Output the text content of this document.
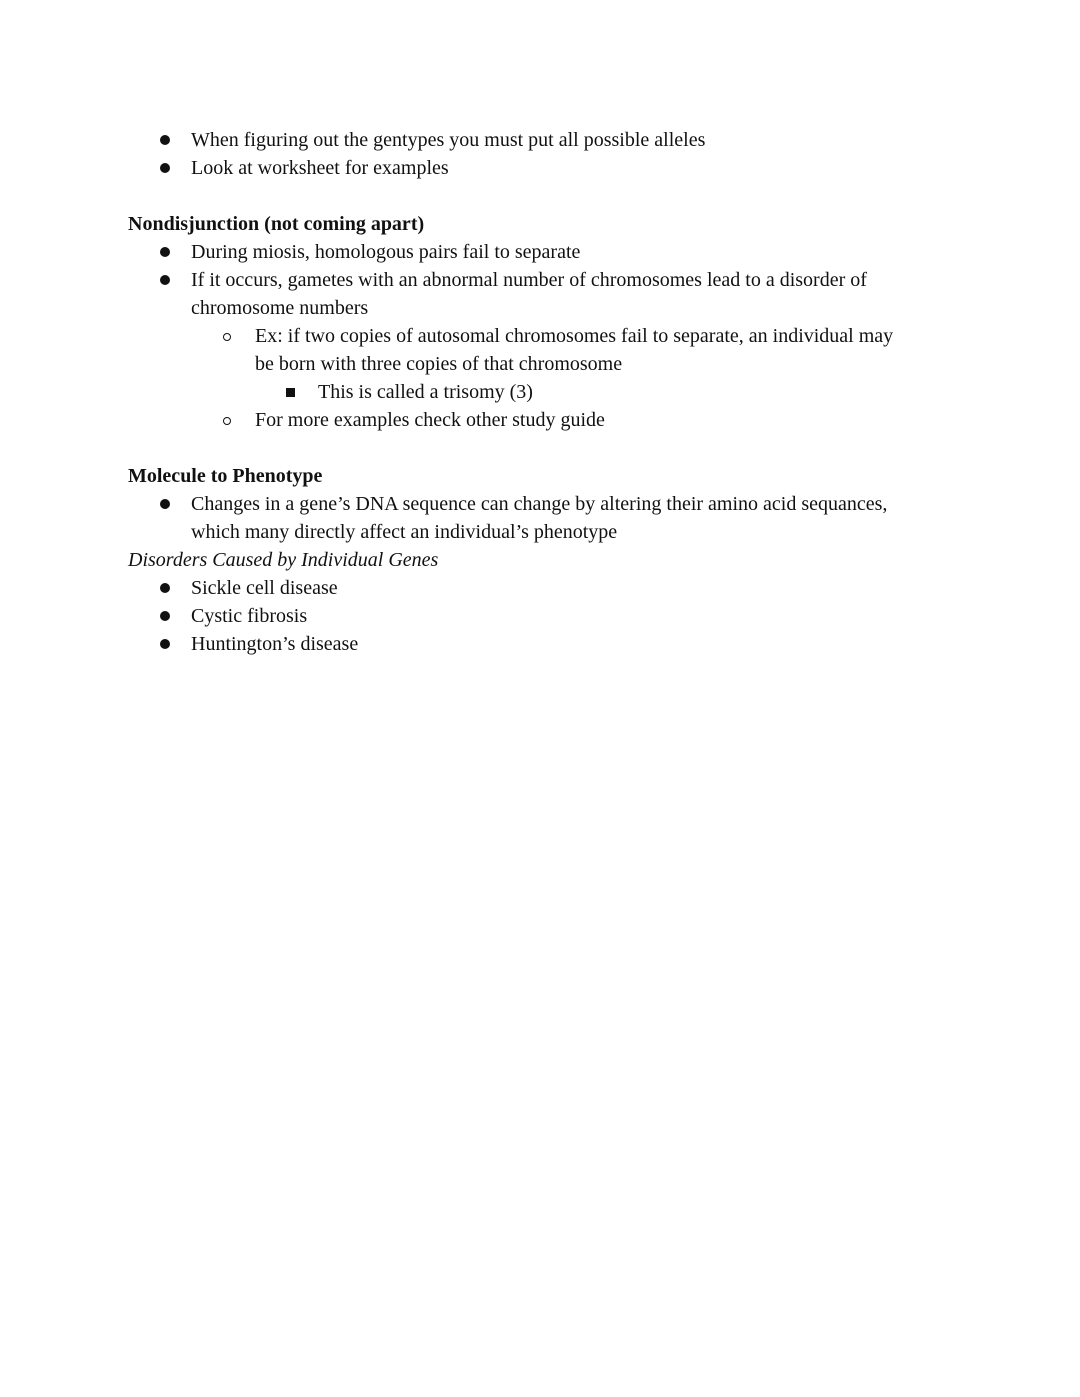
When figuring out the gentypes you must put all possible alleles
Look at worksheet for examples
Nondisjunction (not coming apart)
During miosis, homologous pairs fail to separate
If it occurs, gametes with an abnormal number of chromosomes lead to a disorder of
chromosome numbers
Ex: if two copies of autosomal chromosomes fail to separate, an individual may
be born with three copies of that chromosome
This is called a trisomy (3)
For more examples check other study guide
Molecule to Phenotype
Changes in a gene’s DNA sequence can change by altering their amino acid sequances,
which many directly affect an individual’s phenotype
Disorders Caused by Individual Genes
Sickle cell disease
Cystic fibrosis
Huntington’s disease
